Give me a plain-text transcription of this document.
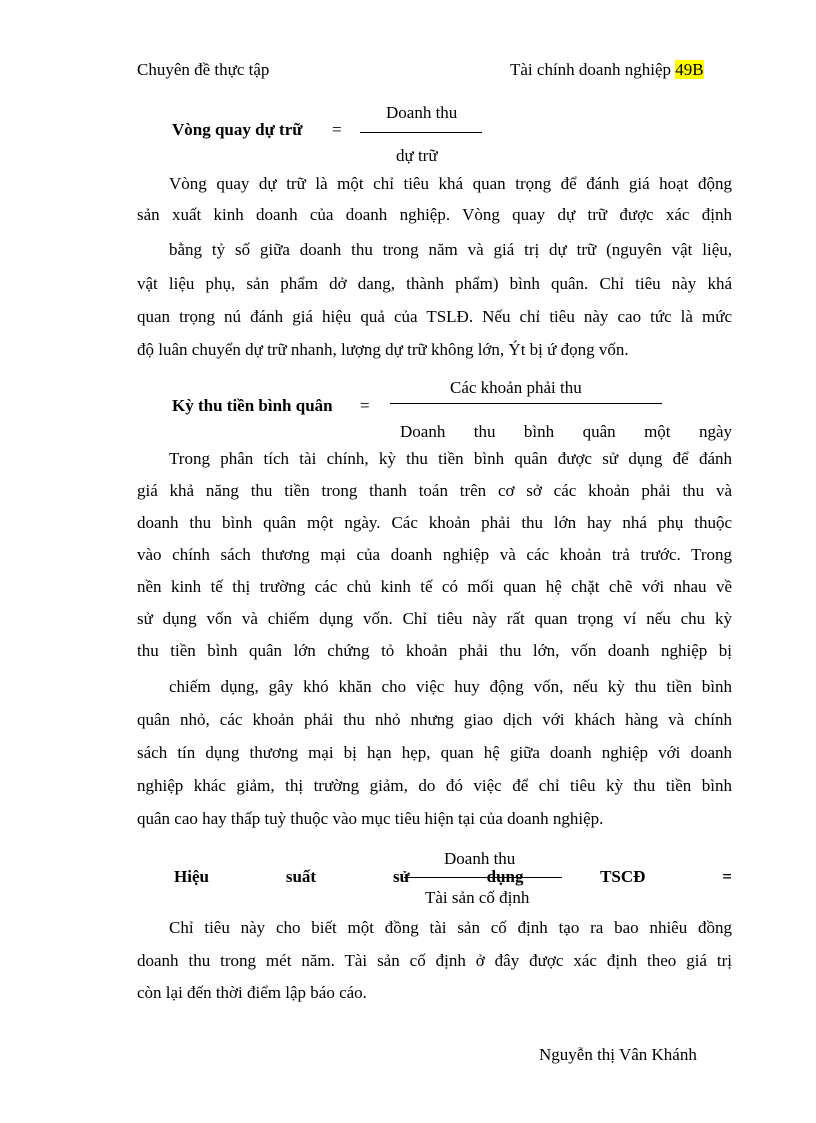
Chuyên đề thực tập	Tài chính doanh nghiệp 49B
Doanh thu
Vòng quay dự trữ =
dự trữ
Vòng quay dự trữ là một chỉ tiêu khá quan trọng để đánh giá hoạt động
sản xuất kinh doanh của doanh nghiệp. Vòng quay dự trữ được xác định
bằng tỷ số giữa doanh thu trong năm và giá trị dự trữ (nguyên vật liệu,
vật liệu phụ, sản phẩm dở dang, thành phẩm) bình quân. Chỉ tiêu này khá
quan trọng nú đánh giá hiệu quả của TSLĐ. Nếu chỉ tiêu này cao tức là mức
độ luân chuyển dự trữ nhanh, lượng dự trữ không lớn, Ýt bị ứ đọng vốn.
Các khoản phải thu
Kỳ thu tiền bình quân =
Doanh thu bình quân một ngày
Trong phân tích tài chính, kỳ thu tiền bình quân được sử dụng để đánh
giá khả năng thu tiền trong thanh toán trên cơ sở các khoản phải thu và
doanh thu bình quân một ngày. Các khoản phải thu lớn hay nhá phụ thuộc
vào chính sách thương mại của doanh nghiệp và các khoản trả trước. Trong
nền kinh tế thị trường các chủ kinh tế có mối quan hệ chặt chẽ với nhau về
sử dụng vốn và chiếm dụng vốn. Chỉ tiêu này rất quan trọng ví nếu chu kỳ
thu tiền bình quân lớn chứng tỏ khoản phải thu lớn, vốn doanh nghiệp bị
chiếm dụng, gây khó khăn cho việc huy động vốn, nếu kỳ thu tiền bình
quân nhỏ, các khoản phải thu nhỏ nhưng giao dịch với khách hàng và chính
sách tín dụng thương mại bị hạn hẹp, quan hệ giữa doanh nghiệp với doanh
nghiệp khác giảm, thị trường giảm, do đó việc để chỉ tiêu kỳ thu tiền bình
quân cao hay thấp tuỳ thuộc vào mục tiêu hiện tại của doanh nghiệp.
Doanh thu
Hiệu suất sử dụng TSCĐ =
Tài sản cố định
Chỉ tiêu này cho biết một đồng tài sản cố định tạo ra bao nhiêu đồng
doanh thu trong mét năm. Tài sản cố định ở đây được xác định theo giá trị
còn lại đến thời điểm lập báo cáo.
Nguyễn thị Vân Khánh
